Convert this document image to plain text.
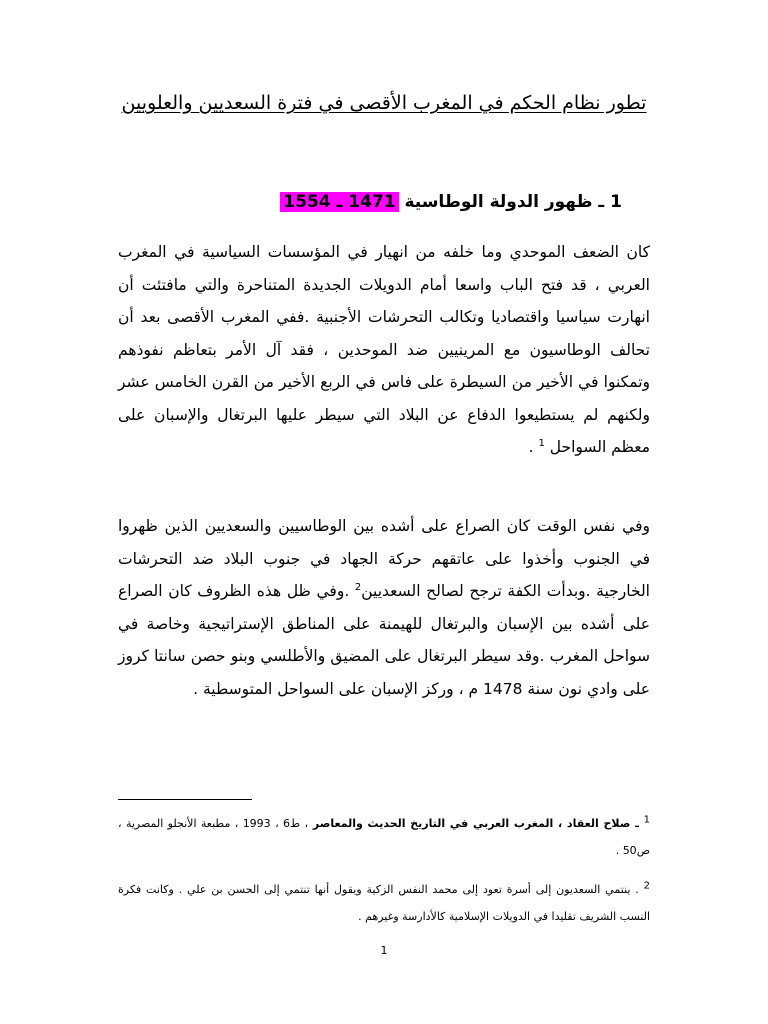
تطور نظام الحكم في المغرب الأقصى في فترة السعديين والعلويين
1 ـ ظهور الدولة الوطاسية 1471 ـ 1554
كان الضعف الموحدي وما خلفه من انهيار في المؤسسات السياسية في المغرب العربي ، قد فتح الباب واسعا أمام الدويلات الجديدة المتناحرة والتي مافتئت أن انهارت سياسيا واقتصاديا وتكالب التحرشات الأجنبية .ففي المغرب الأقصى بعد أن تحالف الوطاسيون مع المرينيين ضد الموحدين ، فقد آل الأمر بتعاظم نفوذهم وتمكنوا في الأخير من السيطرة على فاس في الربع الأخير من القرن الخامس عشر ولكنهم لم يستطيعوا الدفاع عن البلاد التي سيطر عليها البرتغال والإسبان على معظم السواحل $^1$ .
وفي نفس الوقت كان الصراع على أشده بين الوطاسيين والسعديين الذين ظهروا في الجنوب وأخذوا على عاتقهم حركة الجهاد في جنوب البلاد ضد التحرشات الخارجية .وبدأت الكفة ترجح لصالح السعديين$^2$ .وفي ظل هذه الظروف كان الصراع على أشده بين الإسبان والبرتغال للهيمنة على المناطق الإستراتيجية وخاصة في سواحل المغرب .وقد سيطر البرتغال على المضيق والأطلسي وبنو حصن سانتا كروز على وادي نون سنة 1478 م ، وركز الإسبان على السواحل المتوسطية .
$^1$ ـ صلاح العقاد ، المغرب العربي في التاريخ الحديث والمعاصر ، ط6 ، 1993 ، مطبعة الأنجلو المصرية ، ص50 .
$^2$ . ينتمي السعديون إلى أسرة تعود إلى محمد النفس الزكية ويقول أنها تنتمي إلى الحسن بن علي . وكانت فكرة النسب الشريف تقليدا في الدويلات الإسلامية كالأدارسة وغيرهم .
1
